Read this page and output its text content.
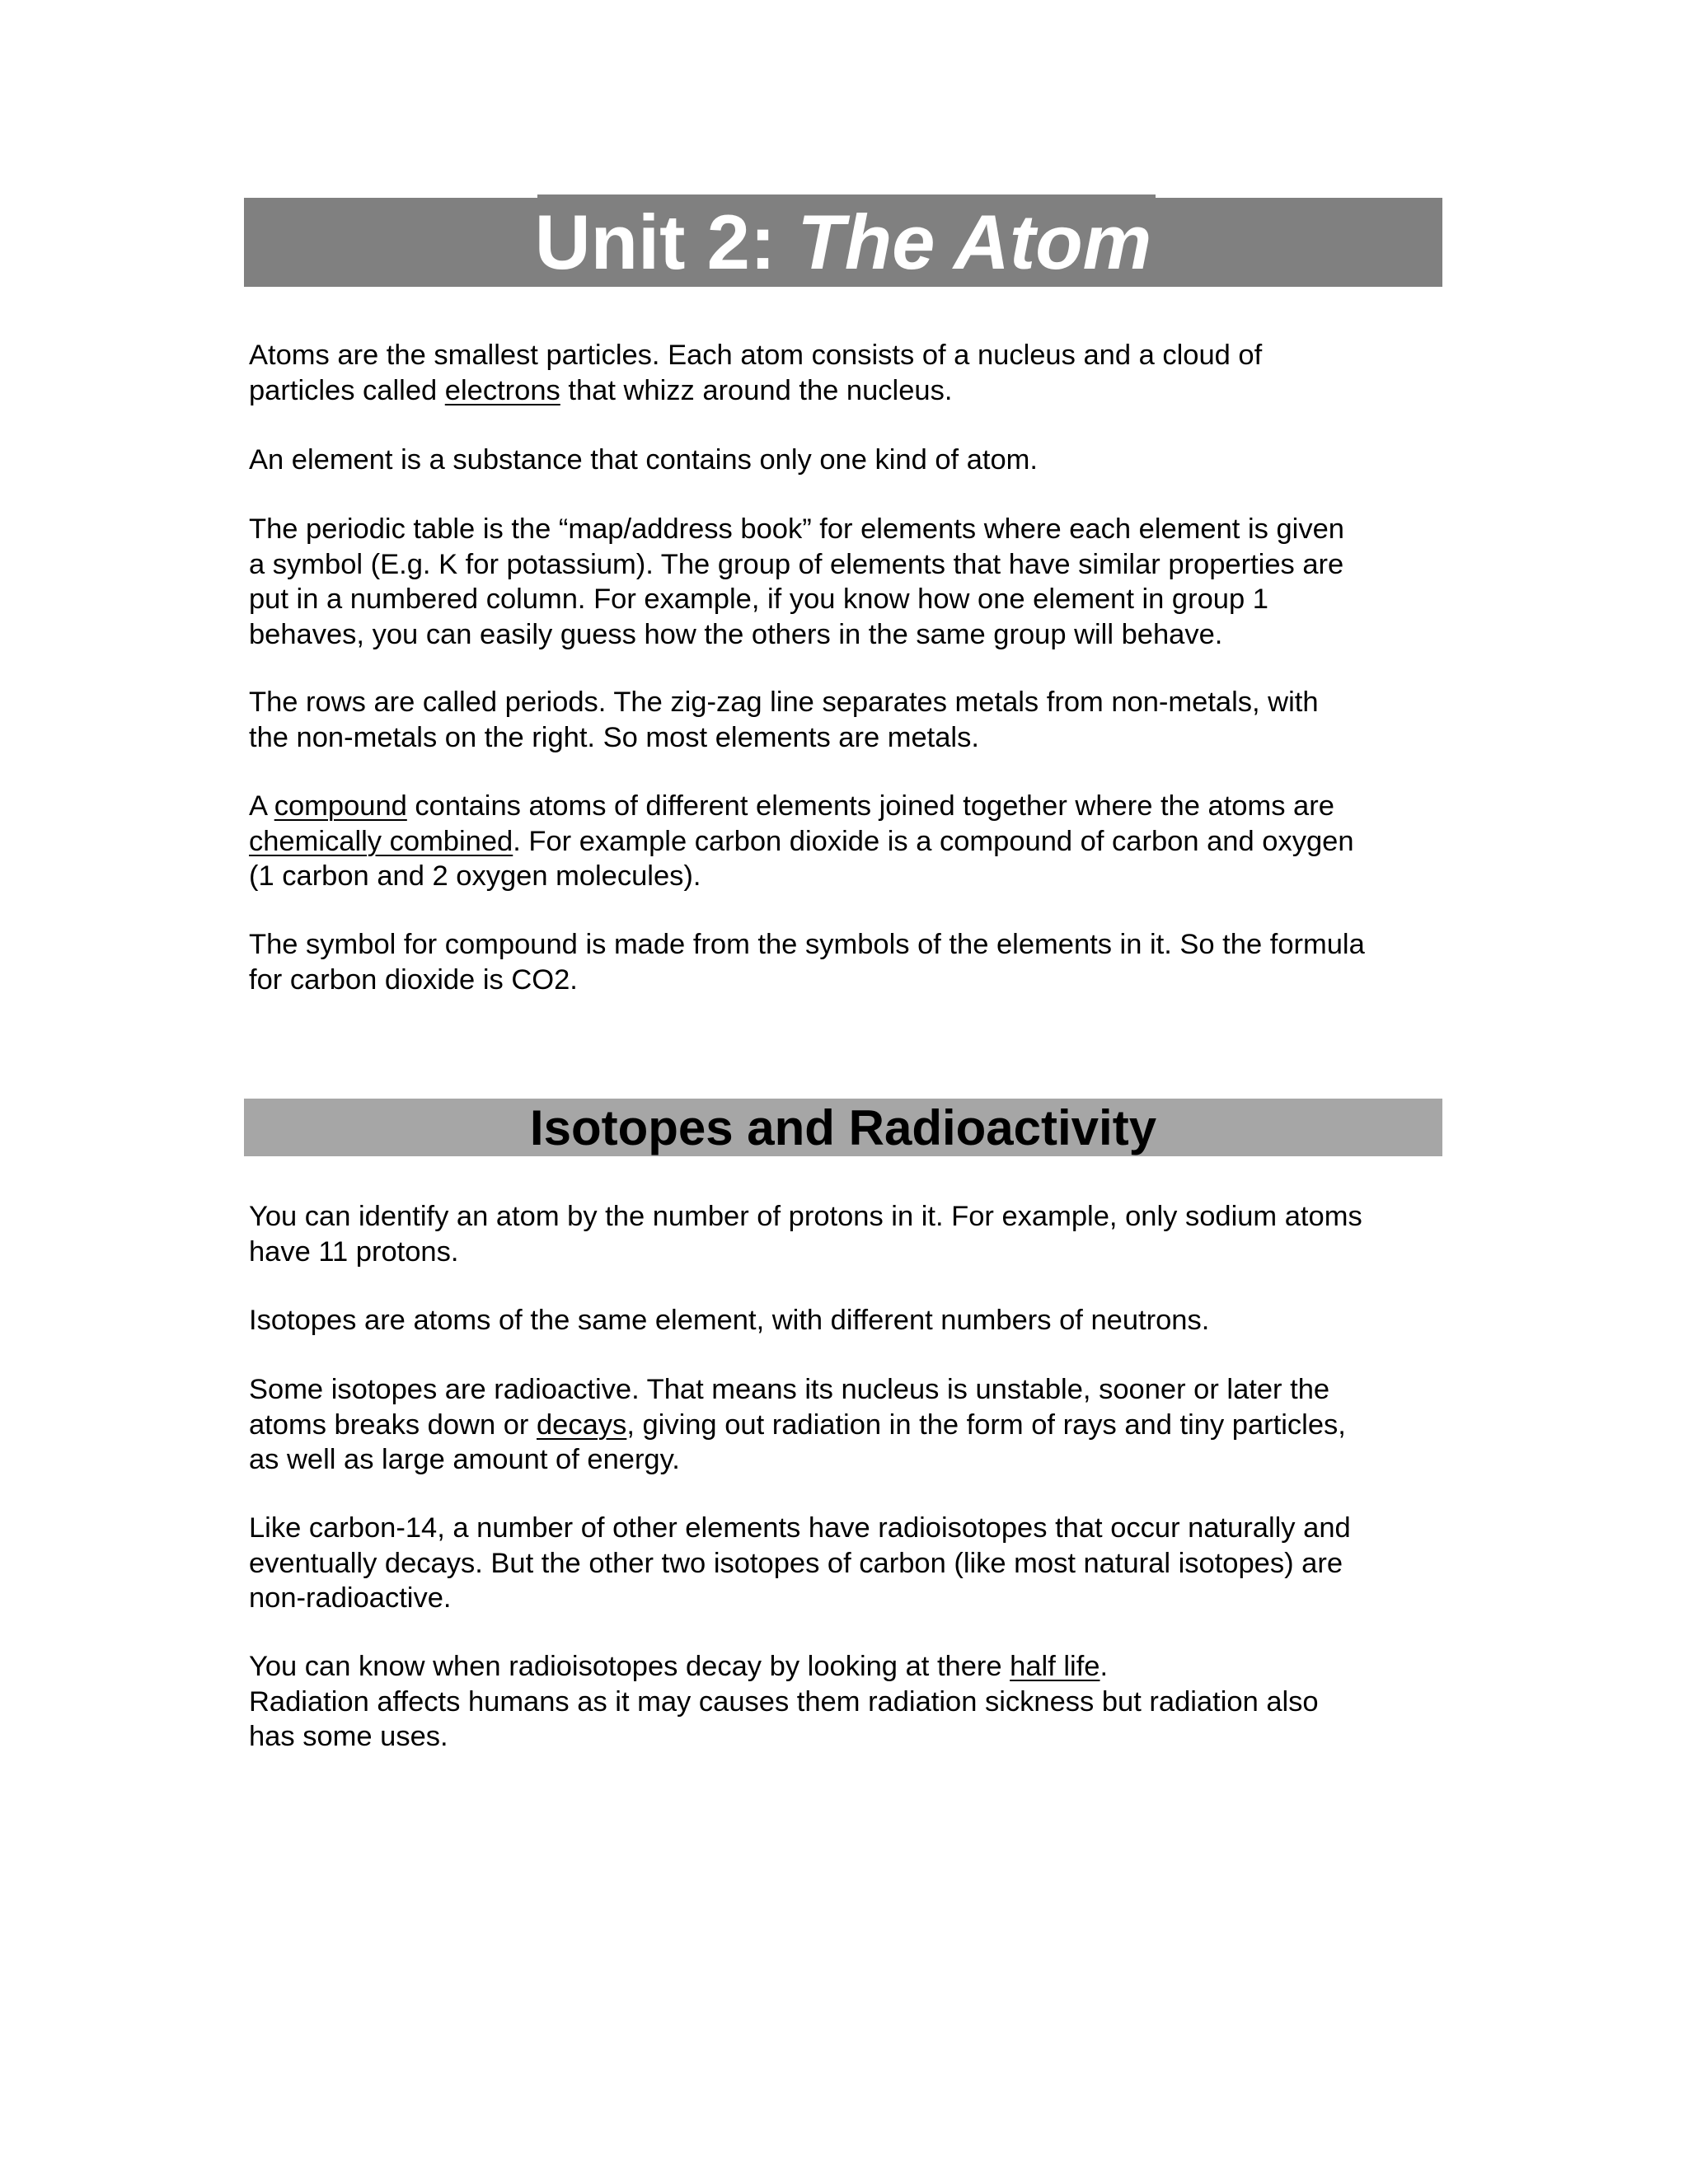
Unit 2: The Atom

Atoms are the smallest particles. Each atom consists of a nucleus and a cloud of
particles called electrons that whizz around the nucleus.

An element is a substance that contains only one kind of atom.

The periodic table is the “map/address book” for elements where each element is given
a symbol (E.g. K for potassium). The group of elements that have similar properties are
put in a numbered column. For example, if you know how one element in group 1
behaves, you can easily guess how the others in the same group will behave.

The rows are called periods. The zig-zag line separates metals from non-metals, with
the non-metals on the right. So most elements are metals.

A compound contains atoms of different elements joined together where the atoms are
chemically combined. For example carbon dioxide is a compound of carbon and oxygen
(1 carbon and 2 oxygen molecules).

The symbol for compound is made from the symbols of the elements in it. So the formula
for carbon dioxide is CO2.

Isotopes and Radioactivity

You can identify an atom by the number of protons in it. For example, only sodium atoms
have 11 protons.

Isotopes are atoms of the same element, with different numbers of neutrons.

Some isotopes are radioactive. That means its nucleus is unstable, sooner or later the
atoms breaks down or decays, giving out radiation in the form of rays and tiny particles,
as well as large amount of energy.

Like carbon-14, a number of other elements have radioisotopes that occur naturally and
eventually decays. But the other two isotopes of carbon (like most natural isotopes) are
non-radioactive.

You can know when radioisotopes decay by looking at there half life.
Radiation affects humans as it may causes them radiation sickness but radiation also
has some uses.
